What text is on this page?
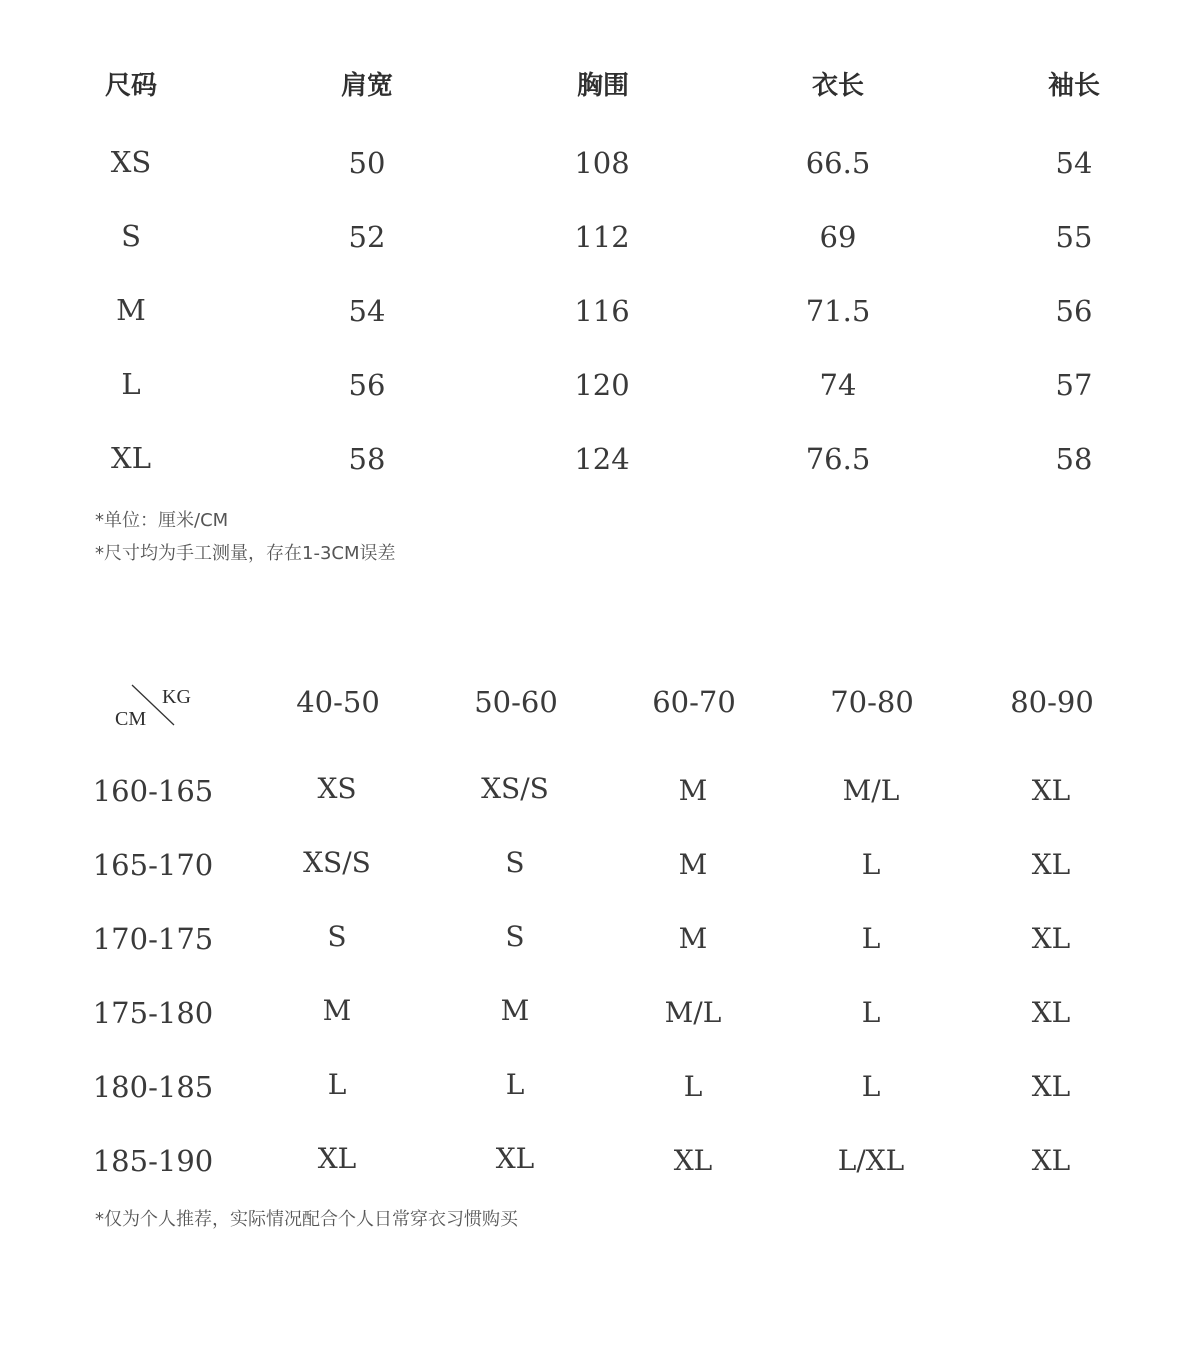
尺码	肩宽	胸围	衣长	袖长
XS	50	108	66.5	54
S	52	112	69	55
M	54	116	71.5	56
L	56	120	74	57
XL	58	124	76.5	58
*单位：厘米/CM
*尺寸均为手工测量，存在1-3CM误差
KG
CM	40-50	50-60	60-70	70-80	80-90
160-165	XS	XS/S	M	M/L	XL
165-170	XS/S	S	M	L	XL
170-175	S	S	M	L	XL
175-180	M	M	M/L	L	XL
180-185	L	L	L	L	XL
185-190	XL	XL	XL	L/XL	XL
*仅为个人推荐，实际情况配合个人日常穿衣习惯购买
